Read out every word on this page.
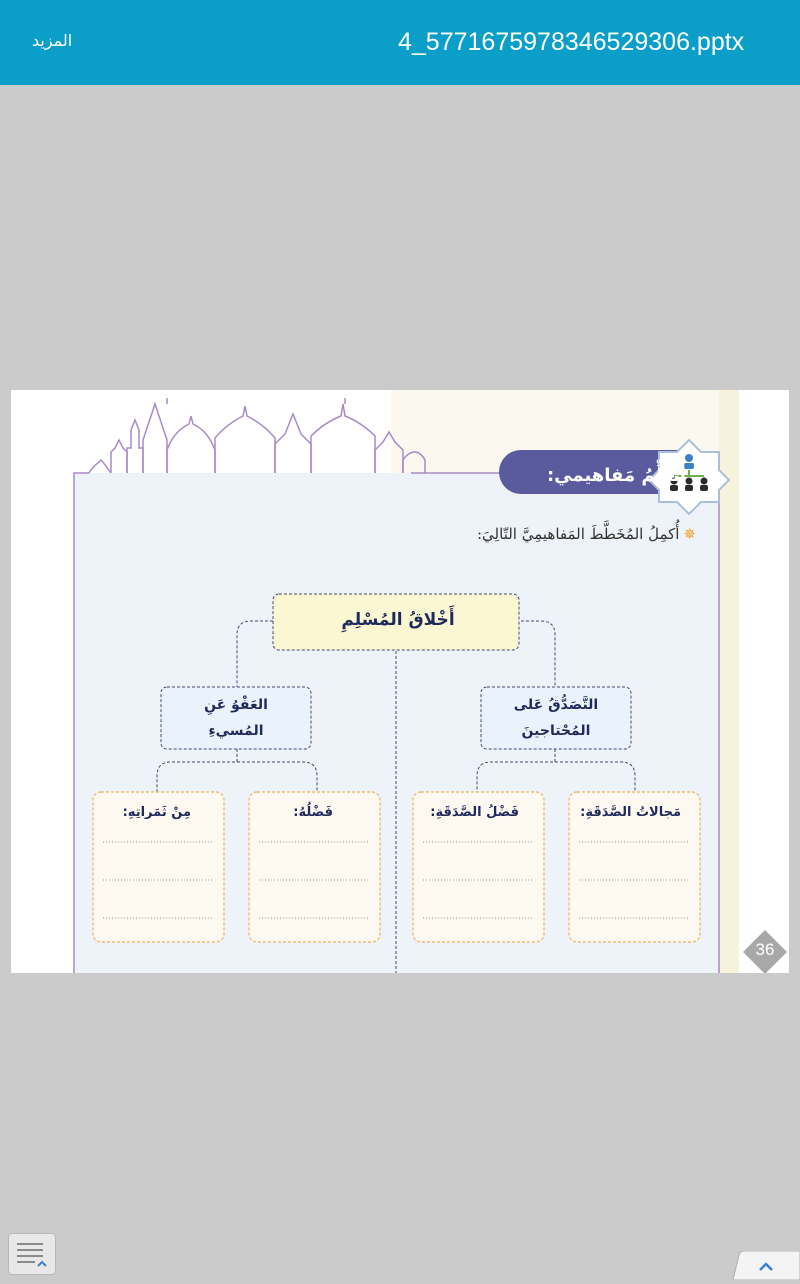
4_5771675978346529306.pptx
المزيد
أَنَظِّمُ مَفاهيمي:
✵أُكمِلُ المُخَطَّطَ المَفاهيمِيَّ التّالِيَ:
أَخْلاقُ المُسْلِمِ
التَّصَدُّقُ عَلى
المُحْتاجينَ
العَفْوُ عَنِ
المُسيءِ
مَجالاتُ الصَّدَقَةِ:
فَضْلُ الصَّدَقَةِ:
فَضْلُهُ:
مِنْ ثَمَراتِهِ:
36
